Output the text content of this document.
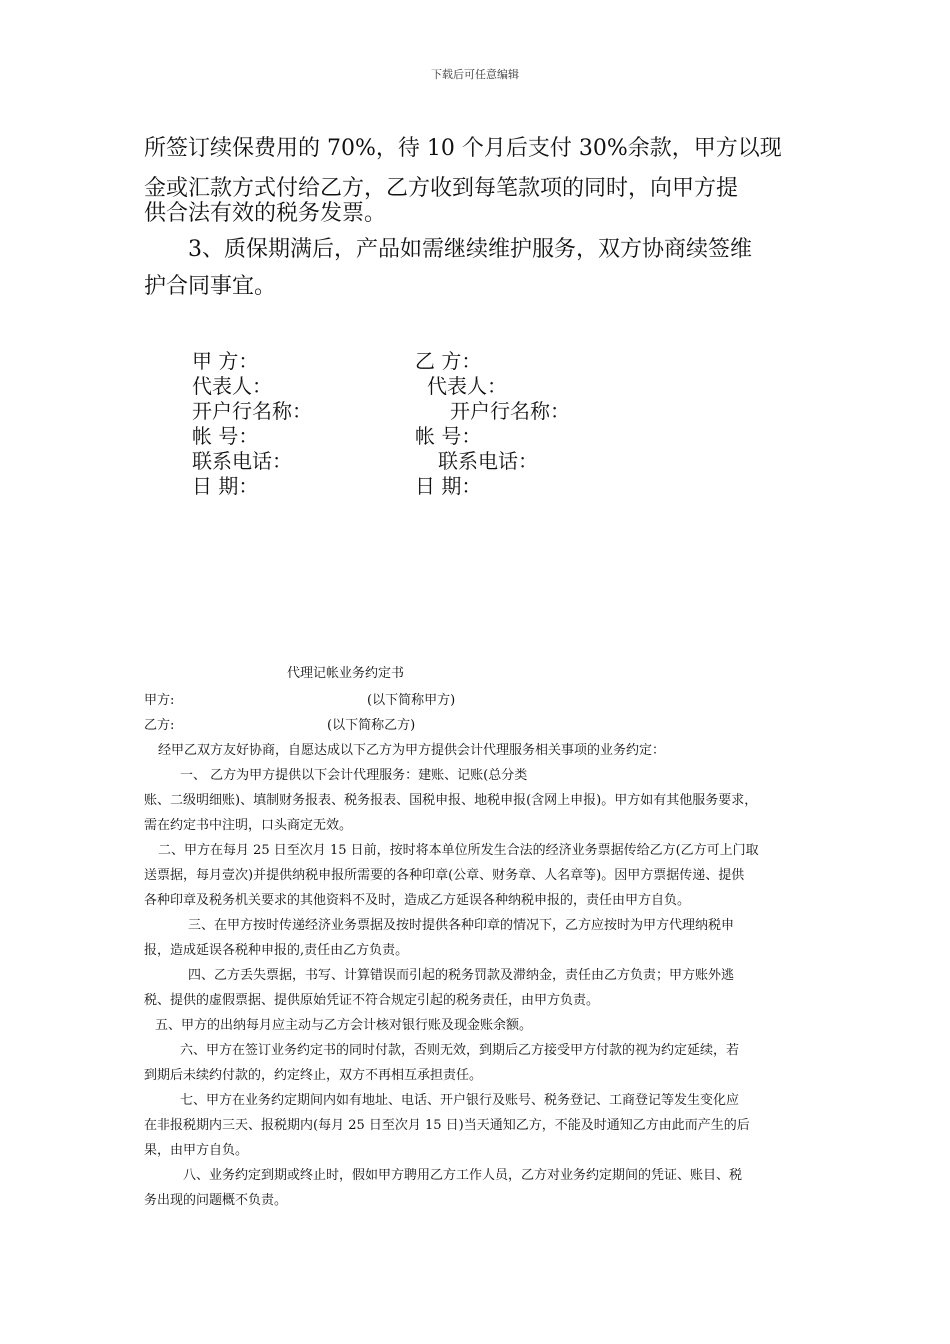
下载后可任意编辑
所签订续保费用的 70%，待 10 个月后支付 30%余款，甲方以现
金或汇款方式付给乙方，乙方收到每笔款项的同时，向甲方提
供合法有效的税务发票。
3、质保期满后，产品如需继续维护服务，双方协商续签维
护合同事宜。
甲 方：
代表人：
开户行名称：
帐 号：
联系电话：
日 期：
乙 方：
代表人：
开户行名称：
帐 号：
联系电话：
日 期：
代理记帐业务约定书
甲方:	(以下简称甲方)
乙方:	(以下简称乙方)
经甲乙双方友好协商，自愿达成以下乙方为甲方提供会计代理服务相关事项的业务约定：
一、 乙方为甲方提供以下会计代理服务：建账、记账(总分类
账、二级明细账)、填制财务报表、税务报表、国税申报、地税申报(含网上申报)。甲方如有其他服务要求，
需在约定书中注明，口头商定无效。
二、甲方在每月 25 日至次月 15 日前，按时将本单位所发生合法的经济业务票据传给乙方(乙方可上门取
送票据，每月壹次)并提供纳税申报所需要的各种印章(公章、财务章、人名章等)。因甲方票据传递、提供
各种印章及税务机关要求的其他资料不及时，造成乙方延误各种纳税申报的，责任由甲方自负。
三、在甲方按时传递经济业务票据及按时提供各种印章的情况下，乙方应按时为甲方代理纳税申
报，造成延误各税种申报的,责任由乙方负责。
四、乙方丢失票据，书写、计算错误而引起的税务罚款及滞纳金，责任由乙方负责；甲方账外逃
税、提供的虚假票据、提供原始凭证不符合规定引起的税务责任，由甲方负责。
五、甲方的出纳每月应主动与乙方会计核对银行账及现金账余额。
六、甲方在签订业务约定书的同时付款，否则无效，到期后乙方接受甲方付款的视为约定延续，若
到期后未续约付款的，约定终止，双方不再相互承担责任。
七、甲方在业务约定期间内如有地址、电话、开户银行及账号、税务登记、工商登记等发生变化应
在非报税期内三天、报税期内(每月 25 日至次月 15 日)当天通知乙方，不能及时通知乙方由此而产生的后
果，由甲方自负。
八、业务约定到期或终止时，假如甲方聘用乙方工作人员，乙方对业务约定期间的凭证、账目、税
务出现的问题概不负责。
